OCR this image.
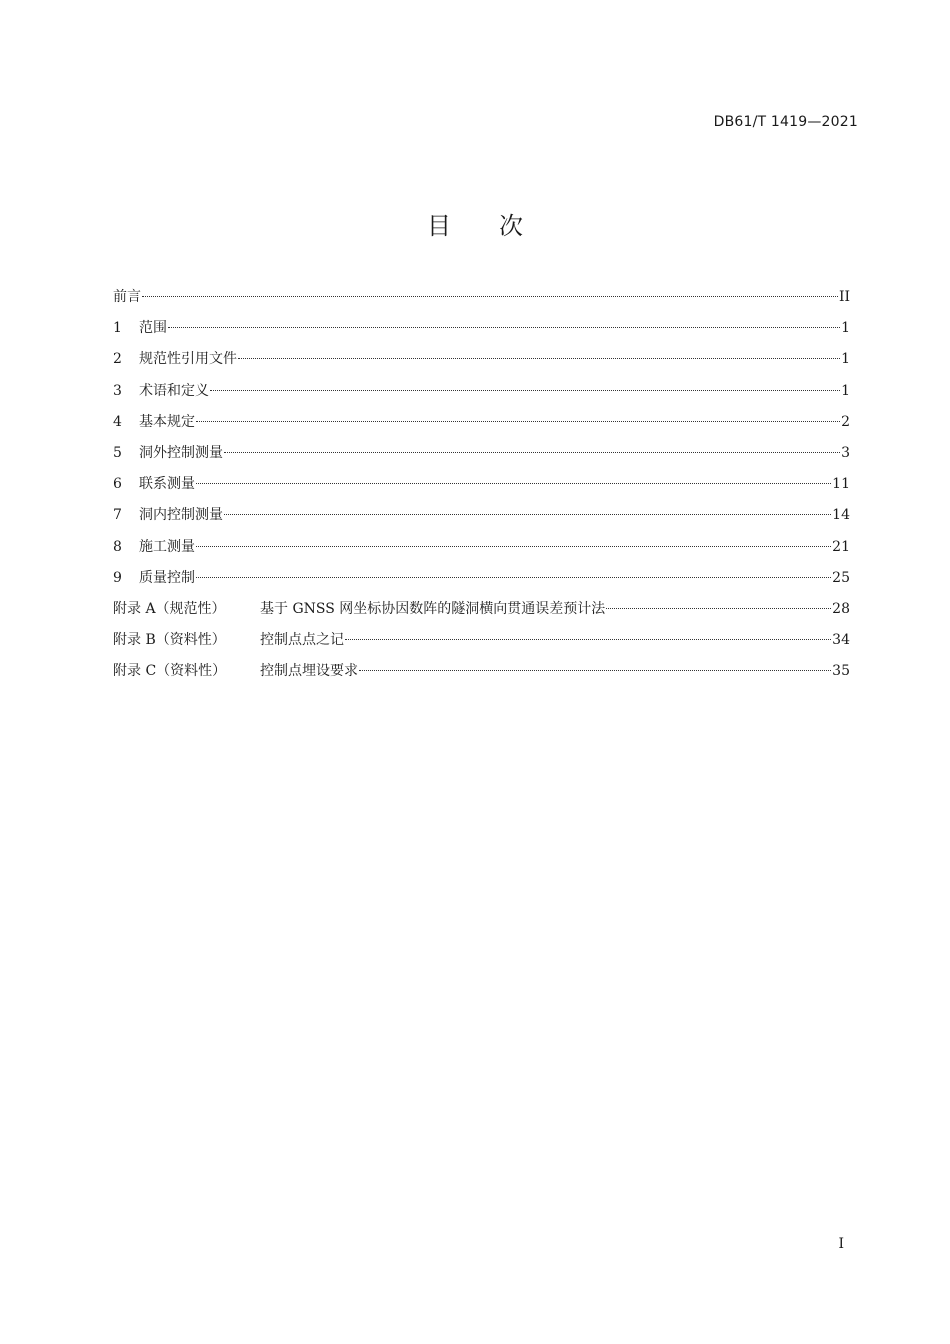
DB61/T 1419—2021
目　　次
前言	II
1	范围	1
2	规范性引用文件	1
3	术语和定义	1
4	基本规定	2
5	洞外控制测量	3
6	联系测量	11
7	洞内控制测量	14
8	施工测量	21
9	质量控制	25
附录 A（规范性）	基于 GNSS 网坐标协因数阵的隧洞横向贯通误差预计法	28
附录 B（资料性）	控制点点之记	34
附录 C（资料性）	控制点埋设要求	35
I
